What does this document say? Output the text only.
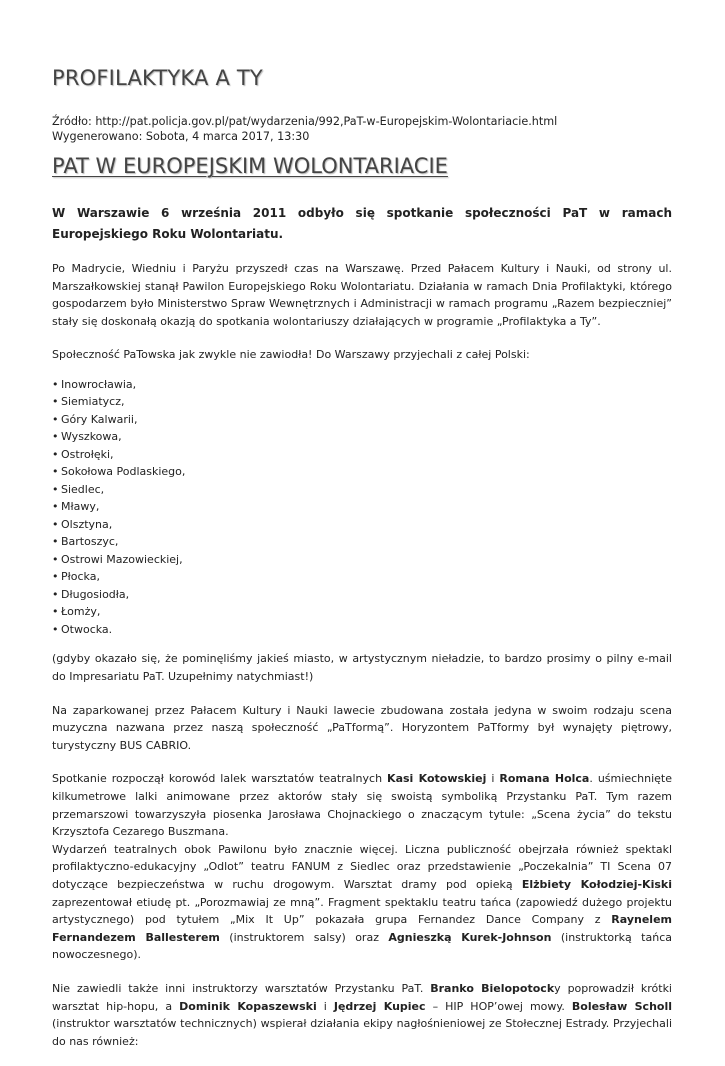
PROFILAKTYKA A TY
Źródło: http://pat.policja.gov.pl/pat/wydarzenia/992,PaT-w-Europejskim-Wolontariacie.html
Wygenerowano: Sobota, 4 marca 2017, 13:30
PAT W EUROPEJSKIM WOLONTARIACIE

W Warszawie 6 września 2011 odbyło się spotkanie społeczności PaT w ramach Europejskiego Roku Wolontariatu.

Po Madrycie, Wiedniu i Paryżu przyszedł czas na Warszawę. Przed Pałacem Kultury i Nauki, od strony ul. Marszałkowskiej stanął Pawilon Europejskiego Roku Wolontariatu. Działania w ramach Dnia Profilaktyki, którego gospodarzem było Ministerstwo Spraw Wewnętrznych i Administracji w ramach programu „Razem bezpieczniej” stały się doskonałą okazją do spotkania wolontariuszy działających w programie „Profilaktyka a Ty”.

Społeczność PaTowska jak zwykle nie zawiodła! Do Warszawy przyjechali z całej Polski:

• Inowrocławia,
• Siemiatycz,
• Góry Kalwarii,
• Wyszkowa,
• Ostrołęki,
• Sokołowa Podlaskiego,
• Siedlec,
• Mławy,
• Olsztyna,
• Bartoszyc,
• Ostrowi Mazowieckiej,
• Płocka,
• Długosiodła,
• Łomży,
• Otwocka.

(gdyby okazało się, że pominęliśmy jakieś miasto, w artystycznym nieładzie, to bardzo prosimy o pilny e-mail do Impresariatu PaT. Uzupełnimy natychmiast!)

Na zaparkowanej przez Pałacem Kultury i Nauki lawecie zbudowana została jedyna w swoim rodzaju scena muzyczna nazwana przez naszą społeczność „PaTformą”. Horyzontem PaTformy był wynajęty piętrowy, turystyczny BUS CABRIO.

Spotkanie rozpoczął korowód lalek warsztatów teatralnych Kasi Kotowskiej i Romana Holca. uśmiechnięte kilkumetrowe lalki animowane przez aktorów stały się swoistą symboliką Przystanku PaT. Tym razem przemarszowi towarzyszyła piosenka Jarosława Chojnackiego o znaczącym tytule: „Scena życia” do tekstu Krzysztofa Cezarego Buszmana.

Wydarzeń teatralnych obok Pawilonu było znacznie więcej. Liczna publiczność obejrzała również spektakl profilaktyczno-edukacyjny „Odlot” teatru FANUM z Siedlec oraz przedstawienie „Poczekalnia” TI Scena 07 dotyczące bezpieczeństwa w ruchu drogowym. Warsztat dramy pod opieką Elżbiety Kołodziej-Kiski zaprezentował etiudę pt. „Porozmawiaj ze mną”. Fragment spektaklu teatru tańca (zapowiedź dużego projektu artystycznego) pod tytułem „Mix It Up” pokazała grupa Fernandez Dance Company z Raynelem Fernandezem Ballesterem (instruktorem salsy) oraz Agnieszką Kurek-Johnson (instruktorką tańca nowoczesnego).

Nie zawiedli także inni instruktorzy warsztatów Przystanku PaT. Branko Bielopotocky poprowadził krótki warsztat hip-hopu, a Dominik Kopaszewski i Jędrzej Kupiec – HIP HOP’owej mowy. Bolesław Scholl (instruktor warsztatów technicznych) wspierał działania ekipy nagłośnieniowej ze Stołecznej Estrady. Przyjechali do nas również:
